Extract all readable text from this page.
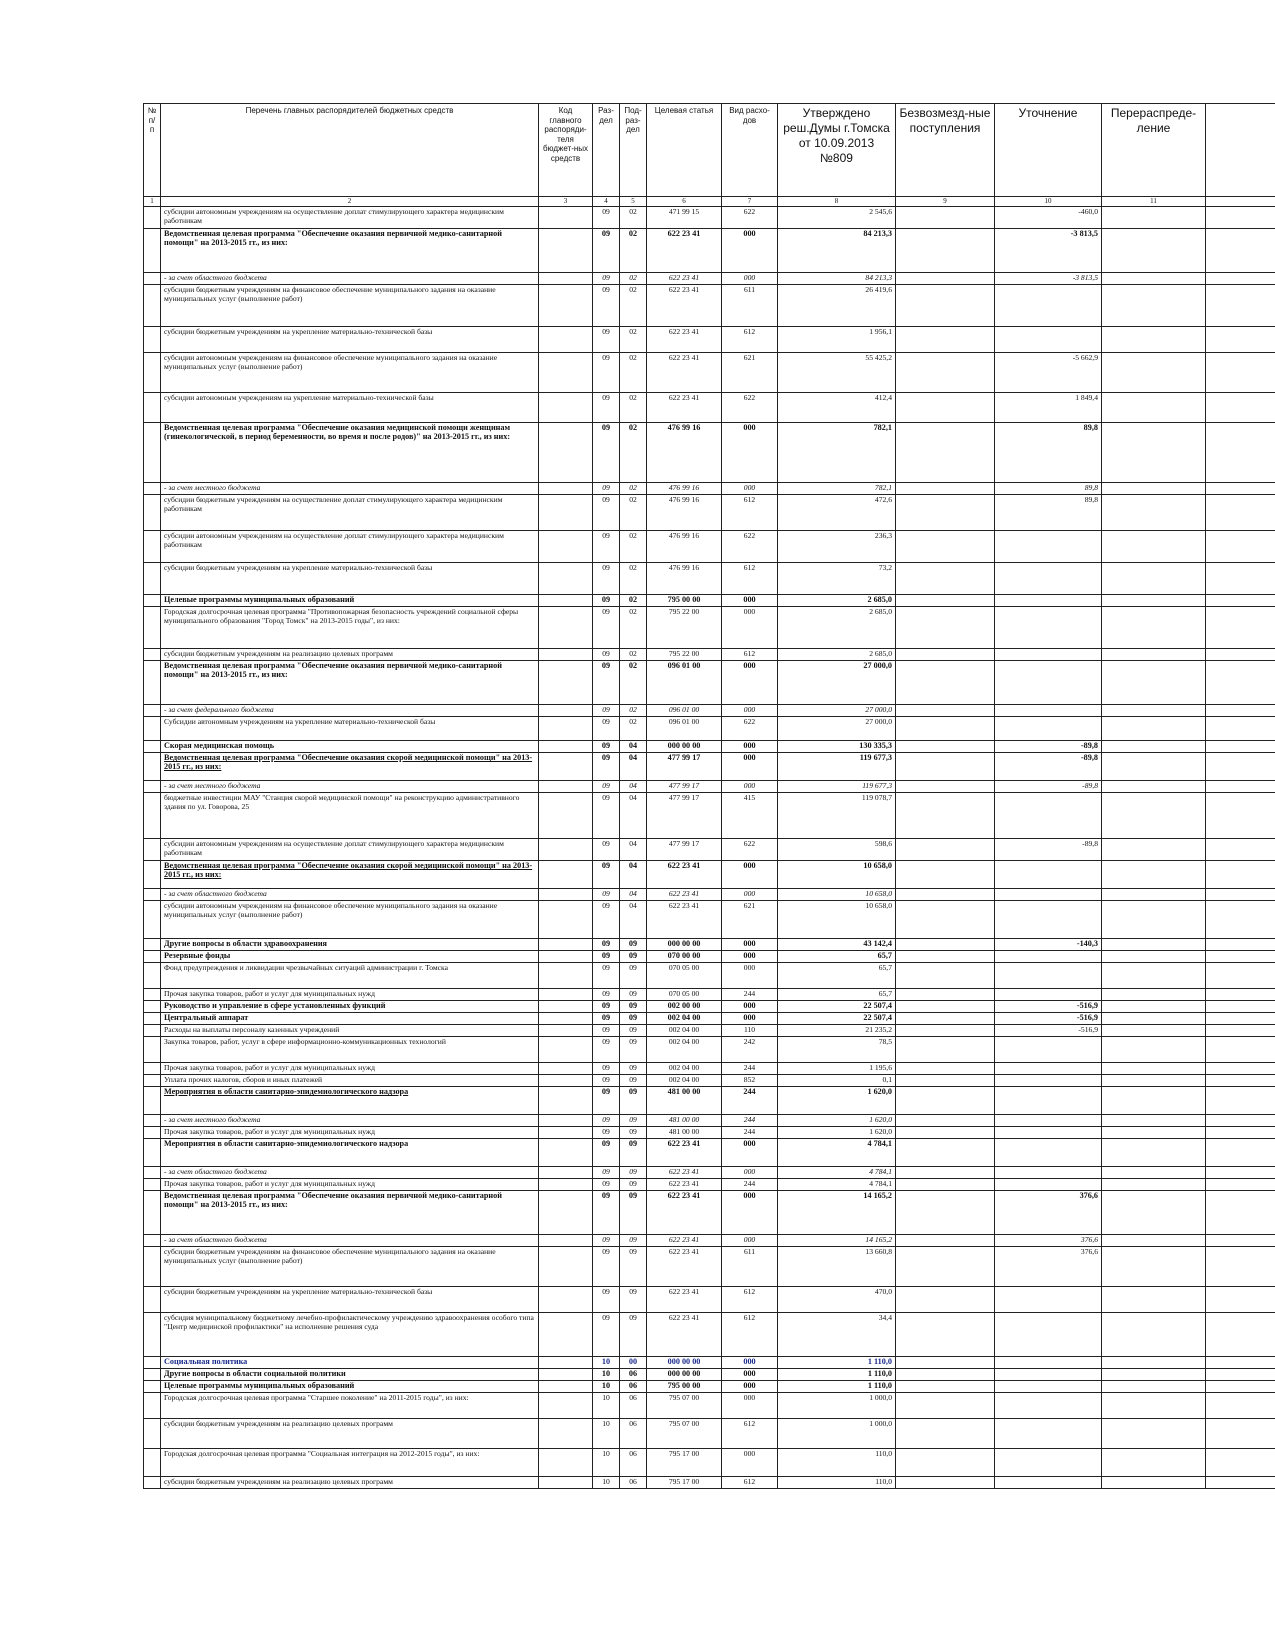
№ п/п	Перечень главных распорядителей бюджетных средств	Код главного распоряди-теля бюджет-ных средств	Раз-дел	Под-раз-дел	Целевая статья	Вид расхо-дов	Утверждено реш.Думы г.Томска от 10.09.2013 №809	Безвозмезд-ные поступления	Уточнение	Перераспреде-ление	
1	2	3	4	5	6	7	8	9	10	11	
	субсидии автономным учреждениям на осуществление доплат стимулирующего характера медицинским работникам		09	02	471 99 15	622	2 545,6		-460,0		
	Ведомственная целевая программа "Обеспечение оказания первичной медико-санитарной помощи" на 2013-2015 гг., из них:		09	02	622 23 41	000	84 213,3		-3 813,5		
	- за счет областного бюджета		09	02	622 23 41	000	84 213,3		-3 813,5		
	субсидии бюджетным учреждениям на финансовое обеспечение муниципального задания на оказание муниципальных услуг (выполнение работ)		09	02	622 23 41	611	26 419,6				
	субсидии бюджетным учреждениям на укрепление материально-технической базы		09	02	622 23 41	612	1 956,1				
	субсидии автономным учреждениям на финансовое обеспечение муниципального задания на оказание муниципальных услуг (выполнение работ)		09	02	622 23 41	621	55 425,2		-5 662,9		
	субсидии автономным учреждениям на укрепление материально-технической базы		09	02	622 23 41	622	412,4		1 849,4		
	Ведомственная целевая программа "Обеспечение оказания медицинской помощи женщинам (гинекологической, в период беременности, во время и после родов)" на 2013-2015 гг., из них:		09	02	476 99 16	000	782,1		89,8		
	- за счет местного бюджета		09	02	476 99 16	000	782,1		89,8		
	субсидии бюджетным учреждениям на осуществление доплат стимулирующего характера медицинским работникам		09	02	476 99 16	612	472,6		89,8		
	субсидии автономным учреждениям на осуществление доплат стимулирующего характера медицинским работникам		09	02	476 99 16	622	236,3				
	субсидии бюджетным учреждениям на укрепление материально-технической базы		09	02	476 99 16	612	73,2				
	Целевые программы муниципальных образований		09	02	795 00 00	000	2 685,0				
	Городская долгосрочная целевая программа "Противопожарная безопасность учреждений социальной сферы муниципального образования "Город Томск" на 2013-2015 годы", из них:		09	02	795 22 00	000	2 685,0				
	субсидии бюджетным учреждениям на реализацию целевых программ		09	02	795 22 00	612	2 685,0				
	Ведомственная целевая программа "Обеспечение оказания первичной медико-санитарной помощи" на 2013-2015 гг., из них:		09	02	096 01 00	000	27 000,0				
	- за счет федерального бюджета		09	02	096 01 00	000	27 000,0				
	Субсидии автономным учреждениям на укрепление материально-технической базы		09	02	096 01 00	622	27 000,0				
	Скорая медицинская помощь		09	04	000 00 00	000	130 335,3		-89,8		
	Ведомственная целевая программа "Обеспечение оказания скорой медицинской помощи" на 2013-2015 гг., из них:		09	04	477 99 17	000	119 677,3		-89,8		
	- за счет местного бюджета		09	04	477 99 17	000	119 677,3		-89,8		
	бюджетные инвестиции МАУ "Станция скорой медицинской помощи" на реконструкцию административного здания по ул. Говорова, 25		09	04	477 99 17	415	119 078,7				
	субсидии автономным учреждениям на осуществление доплат стимулирующего характера медицинским работникам		09	04	477 99 17	622	598,6		-89,8		
	Ведомственная целевая программа "Обеспечение оказания скорой медицинской помощи" на 2013-2015 гг., из них:		09	04	622 23 41	000	10 658,0				
	- за счет областного бюджета		09	04	622 23 41	000	10 658,0				
	субсидии автономным учреждениям на финансовое обеспечение муниципального задания на оказание муниципальных услуг (выполнение работ)		09	04	622 23 41	621	10 658,0				
	Другие вопросы в области здравоохранения		09	09	000 00 00	000	43 142,4		-140,3		
	Резервные фонды		09	09	070 00 00	000	65,7				
	Фонд предупреждения и ликвидации чрезвычайных ситуаций администрации г. Томска		09	09	070 05 00	000	65,7				
	Прочая закупка товаров, работ и услуг для муниципальных нужд		09	09	070 05 00	244	65,7				
	Руководство и управление в сфере установленных функций		09	09	002 00 00	000	22 507,4		-516,9		
	Центральный аппарат		09	09	002 04 00	000	22 507,4		-516,9		
	Расходы на выплаты персоналу казенных учреждений		09	09	002 04 00	110	21 235,2		-516,9		
	Закупка товаров, работ, услуг в сфере информационно-коммуникационных технологий		09	09	002 04 00	242	78,5				
	Прочая закупка товаров, работ и услуг для муниципальных нужд		09	09	002 04 00	244	1 195,6				
	Уплата прочих налогов, сборов и иных платежей		09	09	002 04 00	852	0,1				
	Мероприятия в области санитарно-эпидемиологического надзора		09	09	481 00 00	244	1 620,0				
	- за счет местного бюджета		09	09	481 00 00	244	1 620,0				
	Прочая закупка товаров, работ и услуг для муниципальных нужд		09	09	481 00 00	244	1 620,0				
	Мероприятия в области санитарно-эпидемиологического надзора		09	09	622 23 41	000	4 784,1				
	- за счет областного бюджета		09	09	622 23 41	000	4 784,1				
	Прочая закупка товаров, работ и услуг для муниципальных нужд		09	09	622 23 41	244	4 784,1				
	Ведомственная целевая программа "Обеспечение оказания первичной медико-санитарной помощи" на 2013-2015 гг., из них:		09	09	622 23 41	000	14 165,2		376,6		
	- за счет областного бюджета		09	09	622 23 41	000	14 165,2		376,6		
	субсидии бюджетным учреждениям на финансовое обеспечение муниципального задания на оказание муниципальных услуг (выполнение работ)		09	09	622 23 41	611	13 660,8		376,6		
	субсидии бюджетным учреждениям на укрепление материально-технической базы		09	09	622 23 41	612	470,0				
	субсидия муниципальному бюджетному лечебно-профилактическому учреждению здравоохранения особого типа "Центр медицинской профилактики" на исполнение решения суда		09	09	622 23 41	612	34,4				
	Социальная политика		10	00	000 00 00	000	1 110,0				
	Другие вопросы в области социальной политики		10	06	000 00 00	000	1 110,0				
	Целевые программы муниципальных образований		10	06	795 00 00	000	1 110,0				
	Городская долгосрочная целевая программа "Старшее поколение" на 2011-2015 годы", из них:		10	06	795 07 00	000	1 000,0				
	субсидии бюджетным учреждениям на реализацию целевых программ		10	06	795 07 00	612	1 000,0				
	Городская долгосрочная целевая программа "Социальная интеграция на 2012-2015 годы", из них:		10	06	795 17 00	000	110,0				
	субсидии бюджетным учреждениям на реализацию целевых программ		10	06	795 17 00	612	110,0				
